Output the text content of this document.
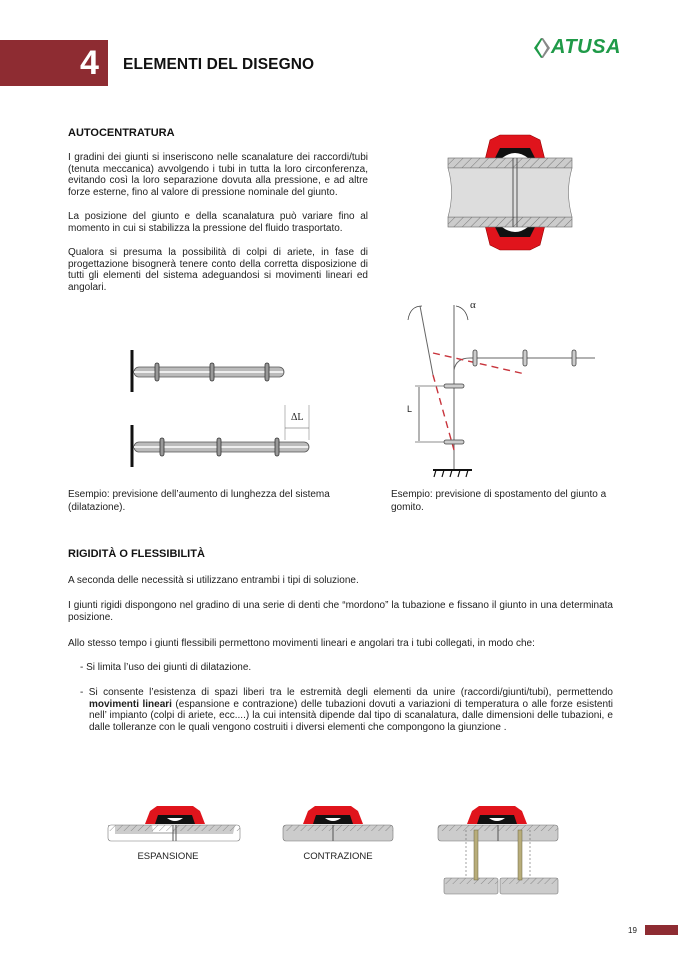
4	ELEMENTI DEL DISEGNO
ATUSA
AUTOCENTRATURA

I gradini dei giunti si inseriscono nelle scanalature dei raccordi/tubi (tenuta meccanica) avvolgendo i tubi in tutta la loro circonferenza, evitando così la loro separazione dovuta alla pressione, e ad altre forze esterne, fino al valore di pressione nominale del giunto.

La posizione del giunto e della scanalatura può variare fino al momento in cui si stabilizza la pressione del fluido trasportato.

Qualora si presuma la possibilità di colpi di ariete, in fase di progettazione bisognerà tenere conto della corretta disposizione di tutti gli elementi del sistema adeguandosi si movimenti lineari ed angolari.

ΔL
α
L
Esempio: previsione dell’aumento di lunghezza del sistema (dilatazione).
Esempio: previsione di spostamento del giunto a gomito.
RIGIDITÀ O FLESSIBILITÀ

A seconda delle necessità si utilizzano entrambi i tipi di soluzione.

I giunti rigidi dispongono nel gradino di una serie di denti che “mordono” la tubazione e fissano il giunto in una determinata posizione.

Allo stesso tempo i giunti flessibili permettono movimenti lineari e angolari tra i tubi collegati, in modo che:

- Si limita l’uso dei giunti di dilatazione.
- Si consente l’esistenza di spazi liberi tra le estremità degli elementi da unire (raccordi/giunti/tubi), permettendo movimenti lineari (espansione e contrazione) delle tubazioni dovuti a variazioni di temperatura o alle forze esistenti nell’ impianto (colpi di ariete, ecc....) la cui intensità dipende dal tipo di scanalatura, dalle dimensioni delle tubazioni, e dalle tolleranze con le quali vengono costruiti i diversi elementi che compongono la giunzione .
ESPANSIONE	CONTRAZIONE
19
